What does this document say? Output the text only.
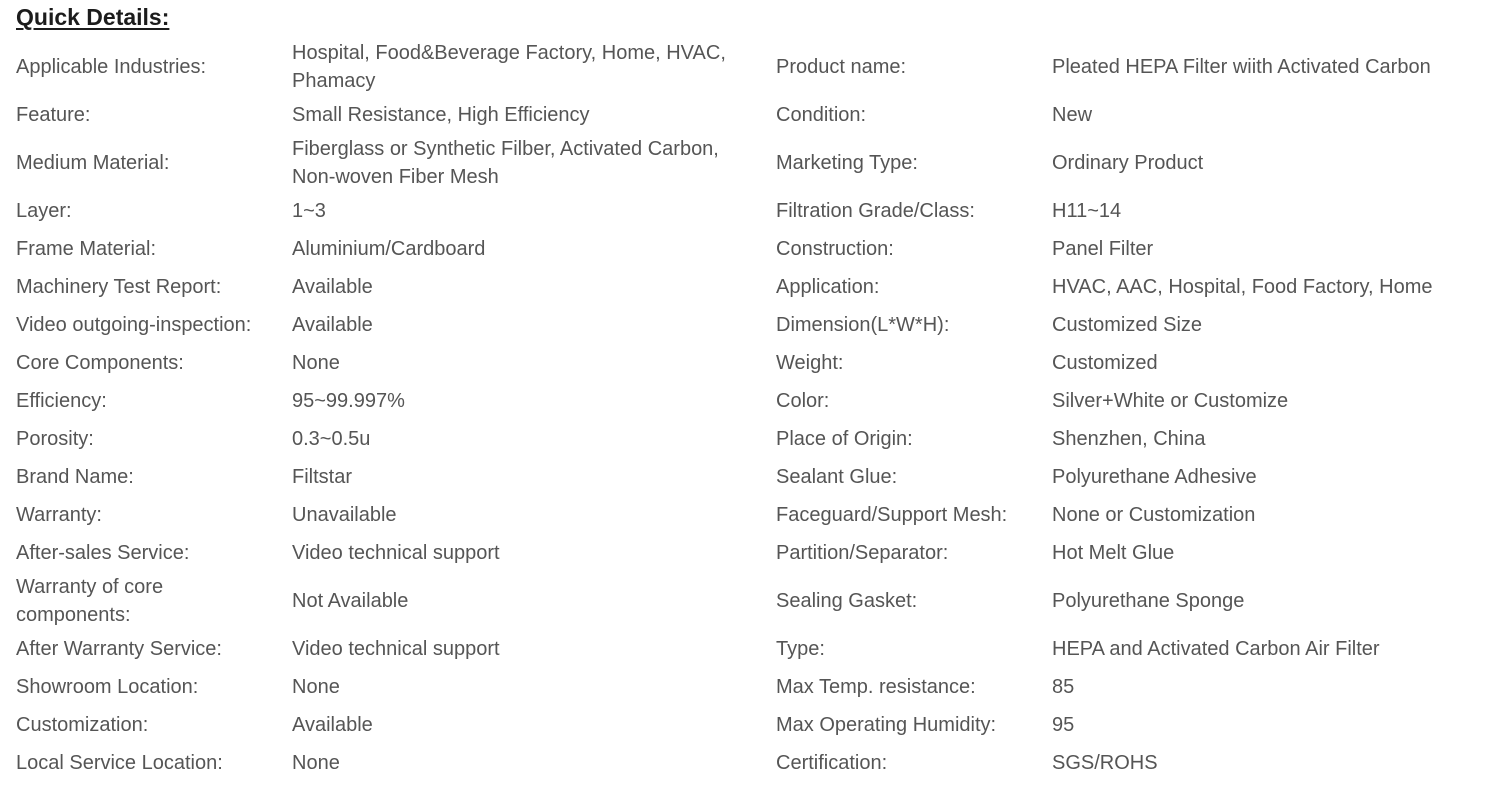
Quick Details:
Applicable Industries:	Hospital, Food&Beverage Factory, Home, HVAC, Phamacy	Product name:	Pleated HEPA Filter wiith Activated Carbon
Feature:	Small Resistance, High Efficiency	Condition:	New
Medium Material:	Fiberglass or Synthetic Filber, Activated Carbon, Non-woven Fiber Mesh	Marketing Type:	Ordinary Product
Layer:	1~3	Filtration Grade/Class:	H11~14
Frame Material:	Aluminium/Cardboard	Construction:	Panel Filter
Machinery Test Report:	Available	Application:	HVAC, AAC, Hospital, Food Factory, Home
Video outgoing-inspection:	Available	Dimension(L*W*H):	Customized Size
Core Components:	None	Weight:	Customized
Efficiency:	95~99.997%	Color:	Silver+White or Customize
Porosity:	0.3~0.5u	Place of Origin:	Shenzhen, China
Brand Name:	Filtstar	Sealant Glue:	Polyurethane Adhesive
Warranty:	Unavailable	Faceguard/Support Mesh:	None or Customization
After-sales Service:	Video technical support	Partition/Separator:	Hot Melt Glue
Warranty of core components:	Not Available	Sealing Gasket:	Polyurethane Sponge
After Warranty Service:	Video technical support	Type:	HEPA and Activated Carbon Air Filter
Showroom Location:	None	Max Temp. resistance:	85
Customization:	Available	Max Operating Humidity:	95
Local Service Location:	None	Certification:	SGS/ROHS
